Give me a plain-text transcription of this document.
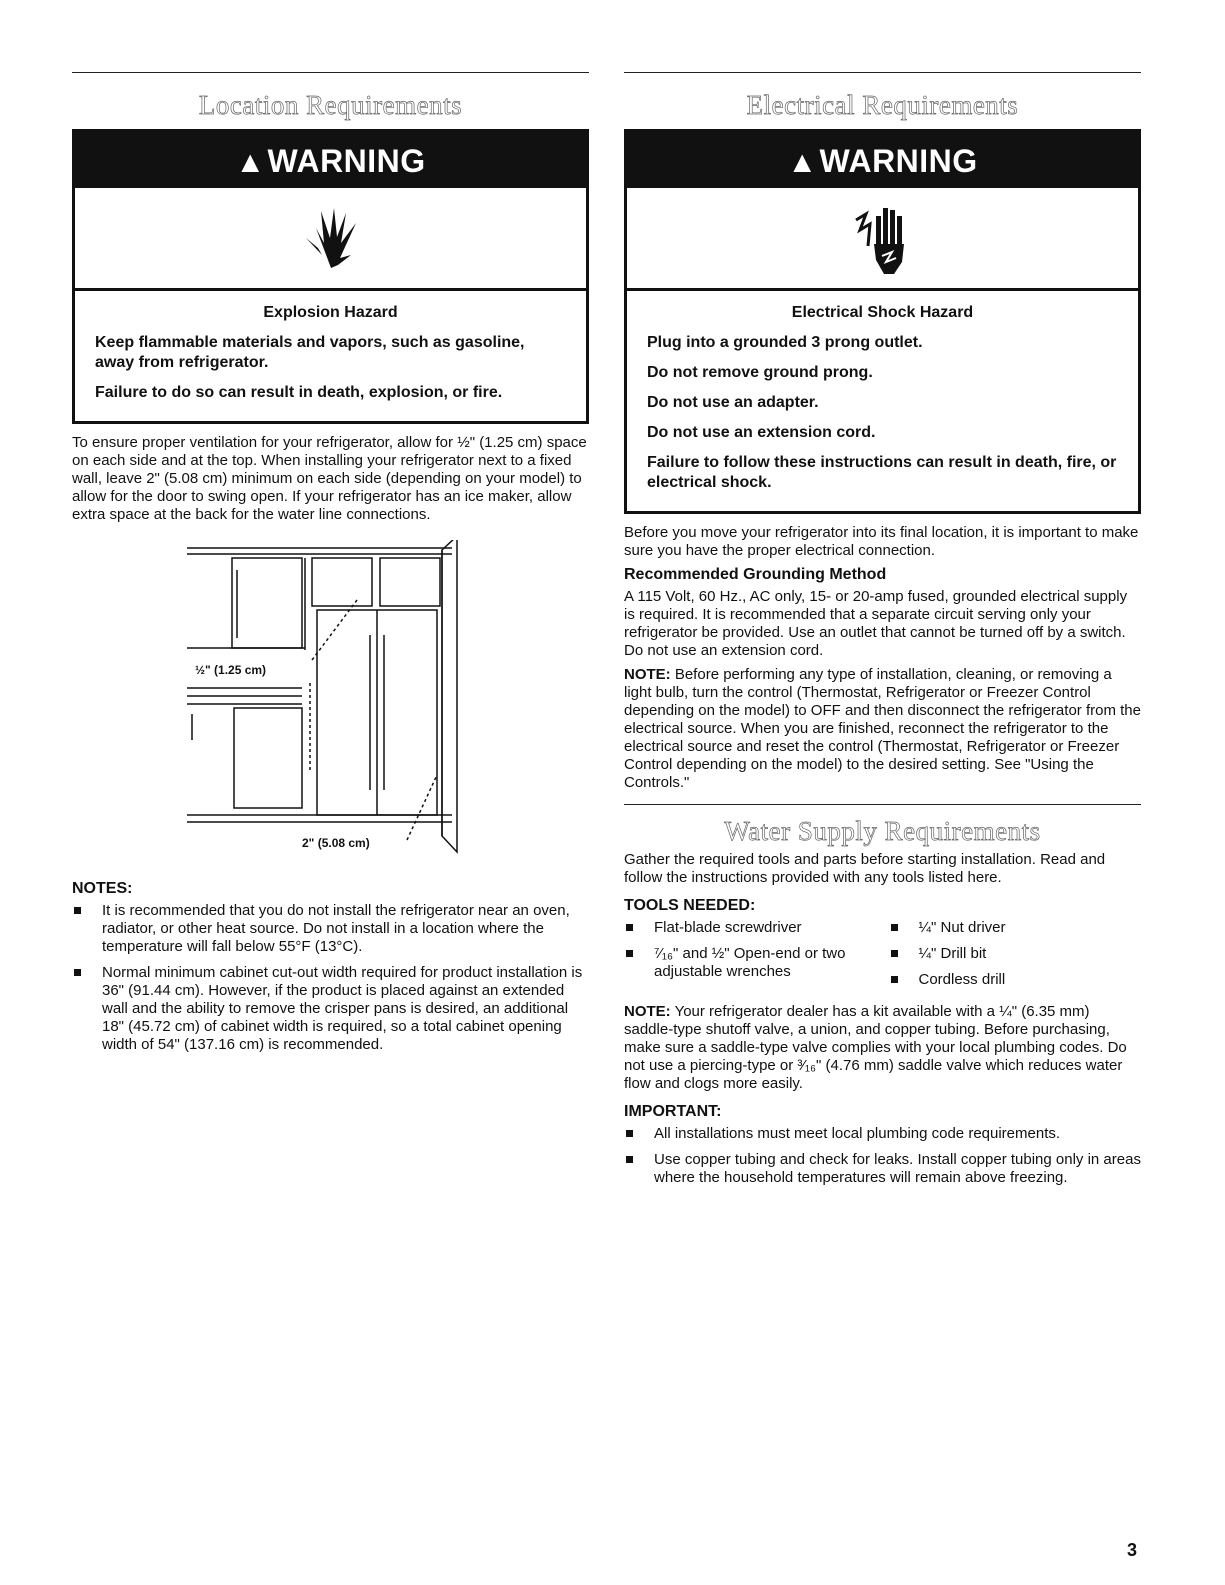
Location Requirements
▲WARNING
Explosion Hazard

Keep flammable materials and vapors, such as gasoline, away from refrigerator.

Failure to do so can result in death, explosion, or fire.

To ensure proper ventilation for your refrigerator, allow for ½" (1.25 cm) space on each side and at the top. When installing your refrigerator next to a fixed wall, leave 2" (5.08 cm) minimum on each side (depending on your model) to allow for the door to swing open. If your refrigerator has an ice maker, allow extra space at the back for the water line connections.

½" (1.25 cm)
2" (5.08 cm)
NOTES:
It is recommended that you do not install the refrigerator near an oven, radiator, or other heat source. Do not install in a location where the temperature will fall below 55°F (13°C).
Normal minimum cabinet cut-out width required for product installation is 36" (91.44 cm). However, if the product is placed against an extended wall and the ability to remove the crisper pans is desired, an additional 18" (45.72 cm) of cabinet width is required, so a total cabinet opening width of 54" (137.16 cm) is recommended.
Electrical Requirements
▲WARNING
Electrical Shock Hazard

Plug into a grounded 3 prong outlet.

Do not remove ground prong.

Do not use an adapter.

Do not use an extension cord.

Failure to follow these instructions can result in death, fire, or electrical shock.

Before you move your refrigerator into its final location, it is important to make sure you have the proper electrical connection.

Recommended Grounding Method

A 115 Volt, 60 Hz., AC only, 15- or 20-amp fused, grounded electrical supply is required. It is recommended that a separate circuit serving only your refrigerator be provided. Use an outlet that cannot be turned off by a switch. Do not use an extension cord.

NOTE: Before performing any type of installation, cleaning, or removing a light bulb, turn the control (Thermostat, Refrigerator or Freezer Control depending on the model) to OFF and then disconnect the refrigerator from the electrical source. When you are finished, reconnect the refrigerator to the electrical source and reset the control (Thermostat, Refrigerator or Freezer Control depending on the model) to the desired setting. See "Using the Controls."

Water Supply Requirements

Gather the required tools and parts before starting installation. Read and follow the instructions provided with any tools listed here.

TOOLS NEEDED:
Flat-blade screwdriver
⁷⁄₁₆" and ½" Open-end or two adjustable wrenches
¼" Nut driver
¼" Drill bit
Cordless drill

NOTE: Your refrigerator dealer has a kit available with a ¼" (6.35 mm) saddle-type shutoff valve, a union, and copper tubing. Before purchasing, make sure a saddle-type valve complies with your local plumbing codes. Do not use a piercing-type or ³⁄₁₆" (4.76 mm) saddle valve which reduces water flow and clogs more easily.

IMPORTANT:
All installations must meet local plumbing code requirements.
Use copper tubing and check for leaks. Install copper tubing only in areas where the household temperatures will remain above freezing.
3
